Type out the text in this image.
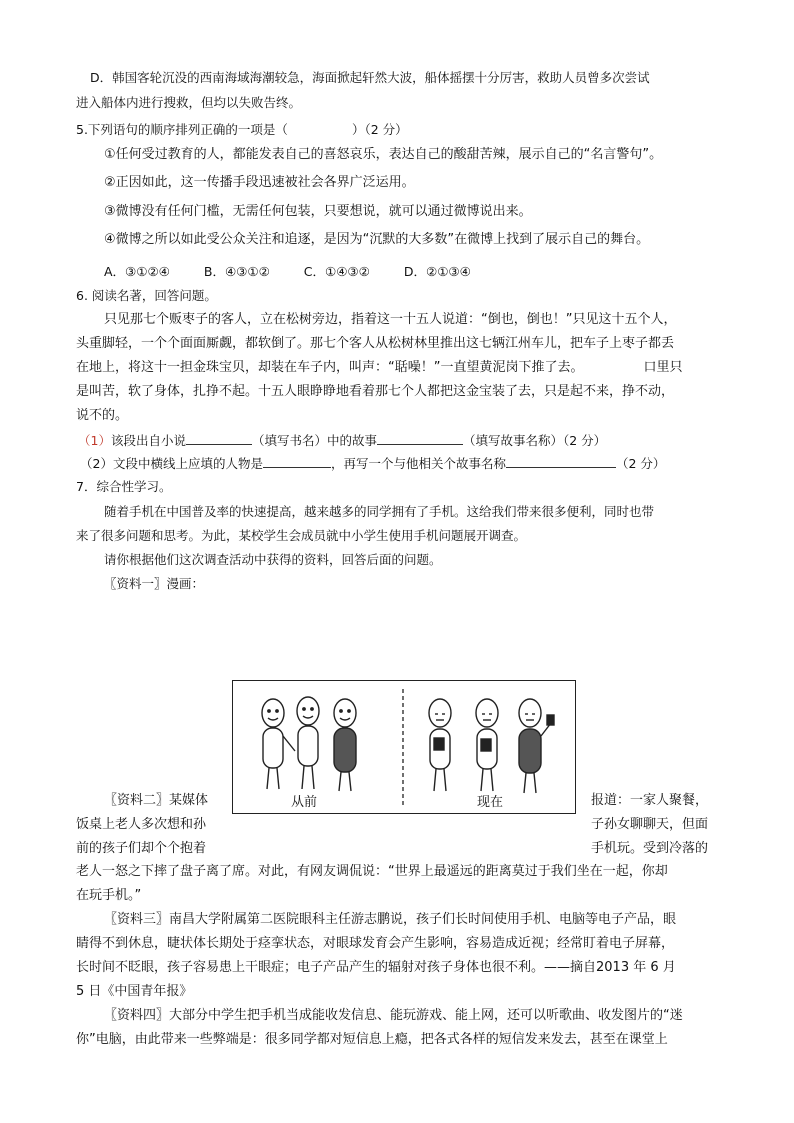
D．韩国客轮沉没的西南海域海潮较急，海面掀起轩然大波，船体摇摆十分厉害，救助人员曾多次尝试
进入船体内进行搜救，但均以失败告终。
5.下列语句的顺序排列正确的一项是（	）（2 分）
①任何受过教育的人，都能发表自己的喜怒哀乐，表达自己的酸甜苦辣，展示自己的“名言警句”。
②正因如此，这一传播手段迅速被社会各界广泛运用。
③微博没有任何门槛，无需任何包装，只要想说，就可以通过微博说出来。
④微博之所以如此受公众关注和追逐，是因为“沉默的大多数”在微博上找到了展示自己的舞台。
A．③①②④	B．④③①②	C．①④③②	D．②①③④
6. 阅读名著，回答问题。
只见那七个贩枣子的客人，立在松树旁边，指着这一十五人说道：“倒也，倒也！”只见这十五个人，
头重脚轻，一个个面面厮觑，都软倒了。那七个客人从松树林里推出这七辆江州车儿，把车子上枣子都丢
在地上，将这十一担金珠宝贝，却装在车子内，叫声：“聒噪！”一直望黄泥岗下推了去。	口里只
是叫苦，软了身体，扎挣不起。十五人眼睁睁地看着那七个人都把这金宝装了去，只是起不来，挣不动，
说不的。
（1）该段出自小说	（填写书名）中的故事	（填写故事名称）（2 分）
（2）文段中横线上应填的人物是	，再写一个与他相关个故事名称	（2 分）
7．综合性学习。
随着手机在中国普及率的快速提高，越来越多的同学拥有了手机。这给我们带来很多便利，同时也带
来了很多问题和思考。为此，某校学生会成员就中小学生使用手机问题展开调查。
请你根据他们这次调查活动中获得的资料，回答后面的问题。
〖资料一〗漫画：
从前	现在
〖资料二〗某媒体	报道：一家人聚餐，
饭桌上老人多次想和孙	子孙女聊聊天，但面
前的孩子们却个个抱着	手机玩。受到冷落的
老人一怒之下摔了盘子离了席。对此，有网友调侃说：“世界上最遥远的距离莫过于我们坐在一起，你却
在玩手机。”
〖资料三〗南昌大学附属第二医院眼科主任游志鹏说，孩子们长时间使用手机、电脑等电子产品，眼
睛得不到休息，睫状体长期处于痉挛状态，对眼球发育会产生影响，容易造成近视；经常盯着电子屏幕，
长时间不眨眼，孩子容易患上干眼症；电子产品产生的辐射对孩子身体也很不利。——摘自2013 年 6 月
5 日《中国青年报》
〖资料四〗大部分中学生把手机当成能收发信息、能玩游戏、能上网，还可以听歌曲、收发图片的“迷
你”电脑，由此带来一些弊端是：很多同学都对短信息上瘾，把各式各样的短信发来发去，甚至在课堂上
